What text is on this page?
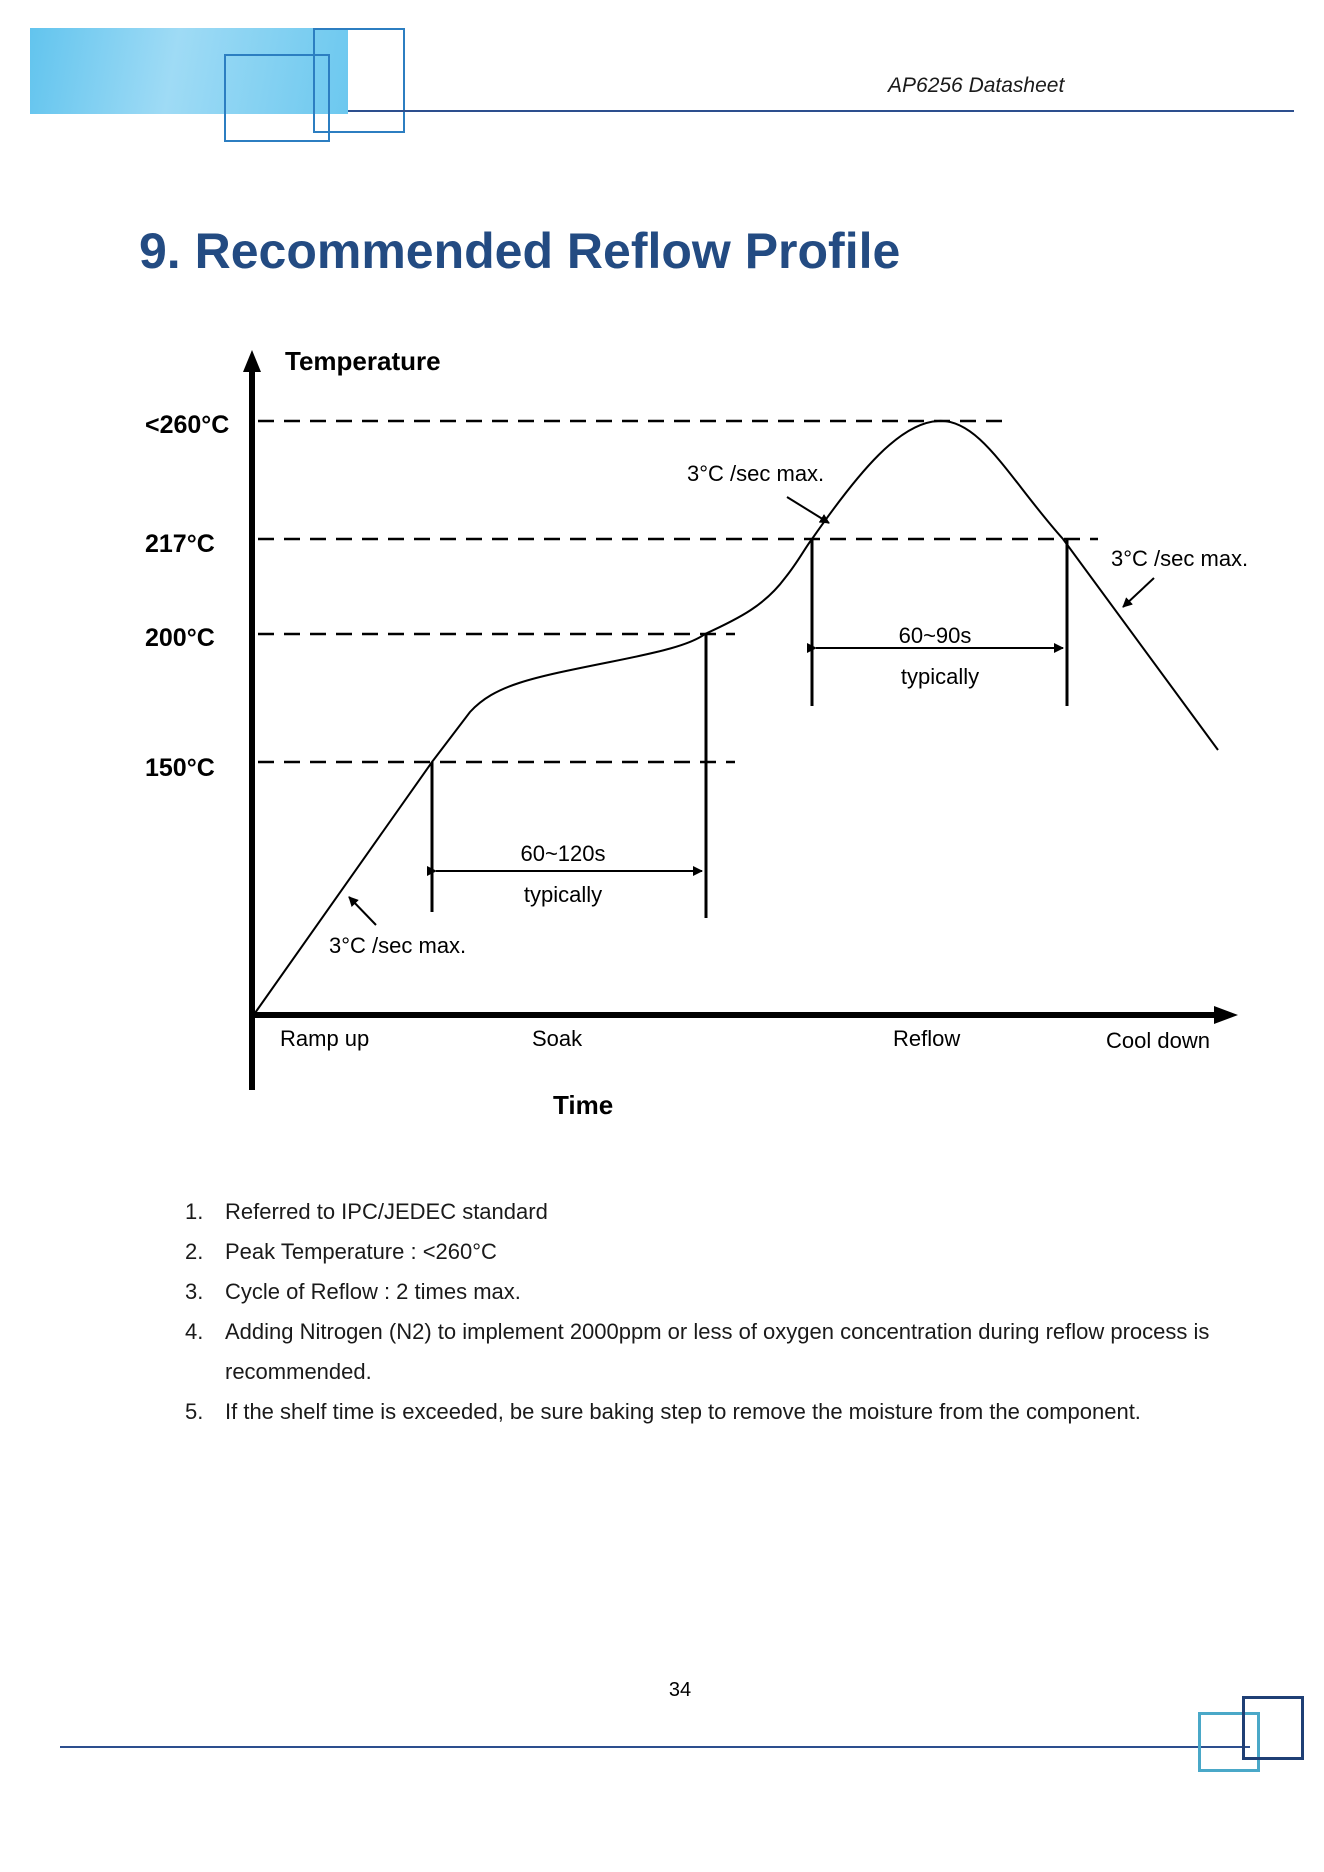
AP6256 Datasheet
9. Recommended Reflow Profile
Temperature
Time
<260°C
217°C
200°C
150°C
60~120s
typically
60~90s
typically
3°C /sec max.
3°C /sec max.
3°C /sec max.
Ramp up	Soak	Reflow	Cool down
1. Referred to IPC/JEDEC standard
2. Peak Temperature : <260°C
3. Cycle of Reflow : 2 times max.
4. Adding Nitrogen (N2) to implement 2000ppm or less of oxygen concentration during reflow process is recommended.
5. If the shelf time is exceeded, be sure baking step to remove the moisture from the component.
34
